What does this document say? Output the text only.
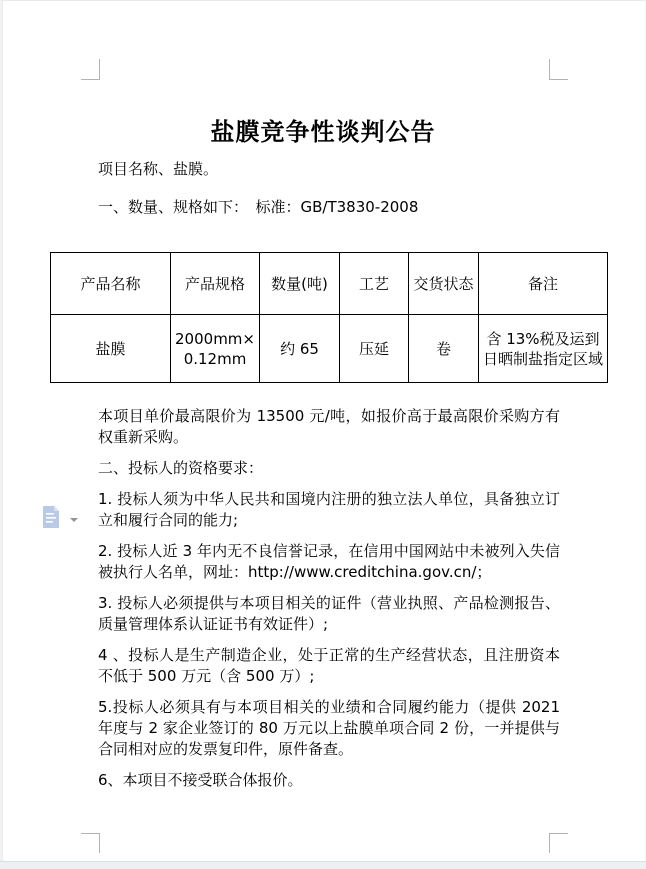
盐膜竞争性谈判公告
项目名称、盐膜。
一、数量、规格如下：　标准：GB/T3830-2008
产品名称	产品规格	数量(吨)	工艺	交货状态	备注
盐膜	2000mm×0.12mm	约 65	压延	卷	含 13%税及运到日晒制盐指定区域

本项目单价最高限价为 13500 元/吨，如报价高于最高限价采购方有权重新采购。

二、投标人的资格要求：

1. 投标人须为中华人民共和国境内注册的独立法人单位，具备独立订立和履行合同的能力;

2. 投标人近 3 年内无不良信誉记录，在信用中国网站中未被列入失信被执行人名单，网址：http://www.creditchina.gov.cn/；

3. 投标人必须提供与本项目相关的证件（营业执照、产品检测报告、质量管理体系认证证书有效证件）;

4 、投标人是生产制造企业，处于正常的生产经营状态，且注册资本不低于 500 万元（含 500 万）;

5.投标人必须具有与本项目相关的业绩和合同履约能力（提供 2021 年度与 2 家企业签订的 80 万元以上盐膜单项合同 2 份，一并提供与合同相对应的发票复印件，原件备查。

6、本项目不接受联合体报价。
